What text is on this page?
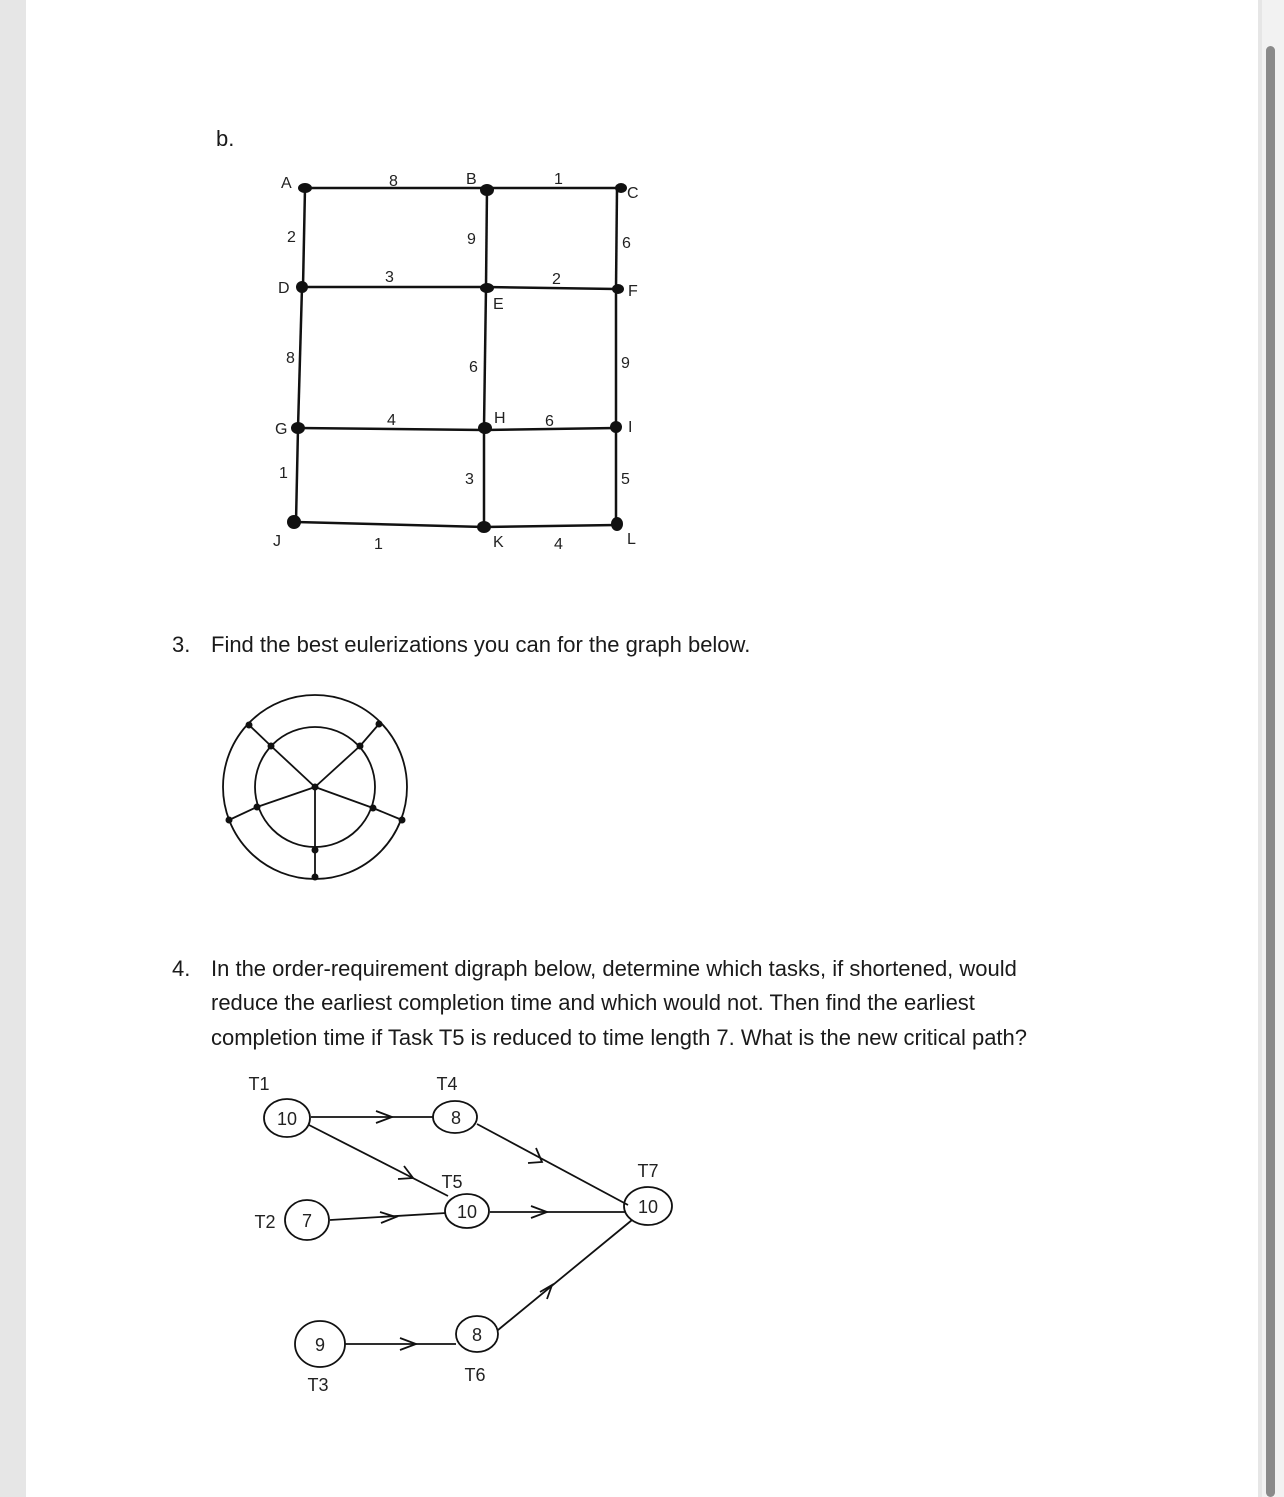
b.
A	B
C
D
E
F
G
H
I
J	K	L
8	1
2	9	6
3	2
8
6	9
4	6
1	3	5
1	4
3. Find the best eulerizations you can for the graph below.
4. In the order-requirement digraph below, determine which tasks, if shortened, would
reduce the earliest completion time and which would not. Then find the earliest
completion time if Task T5 is reduced to time length 7. What is the new critical path?
10
7
9
8
10
8
10
T1
T2
T3
T4
T5
T6
T7
